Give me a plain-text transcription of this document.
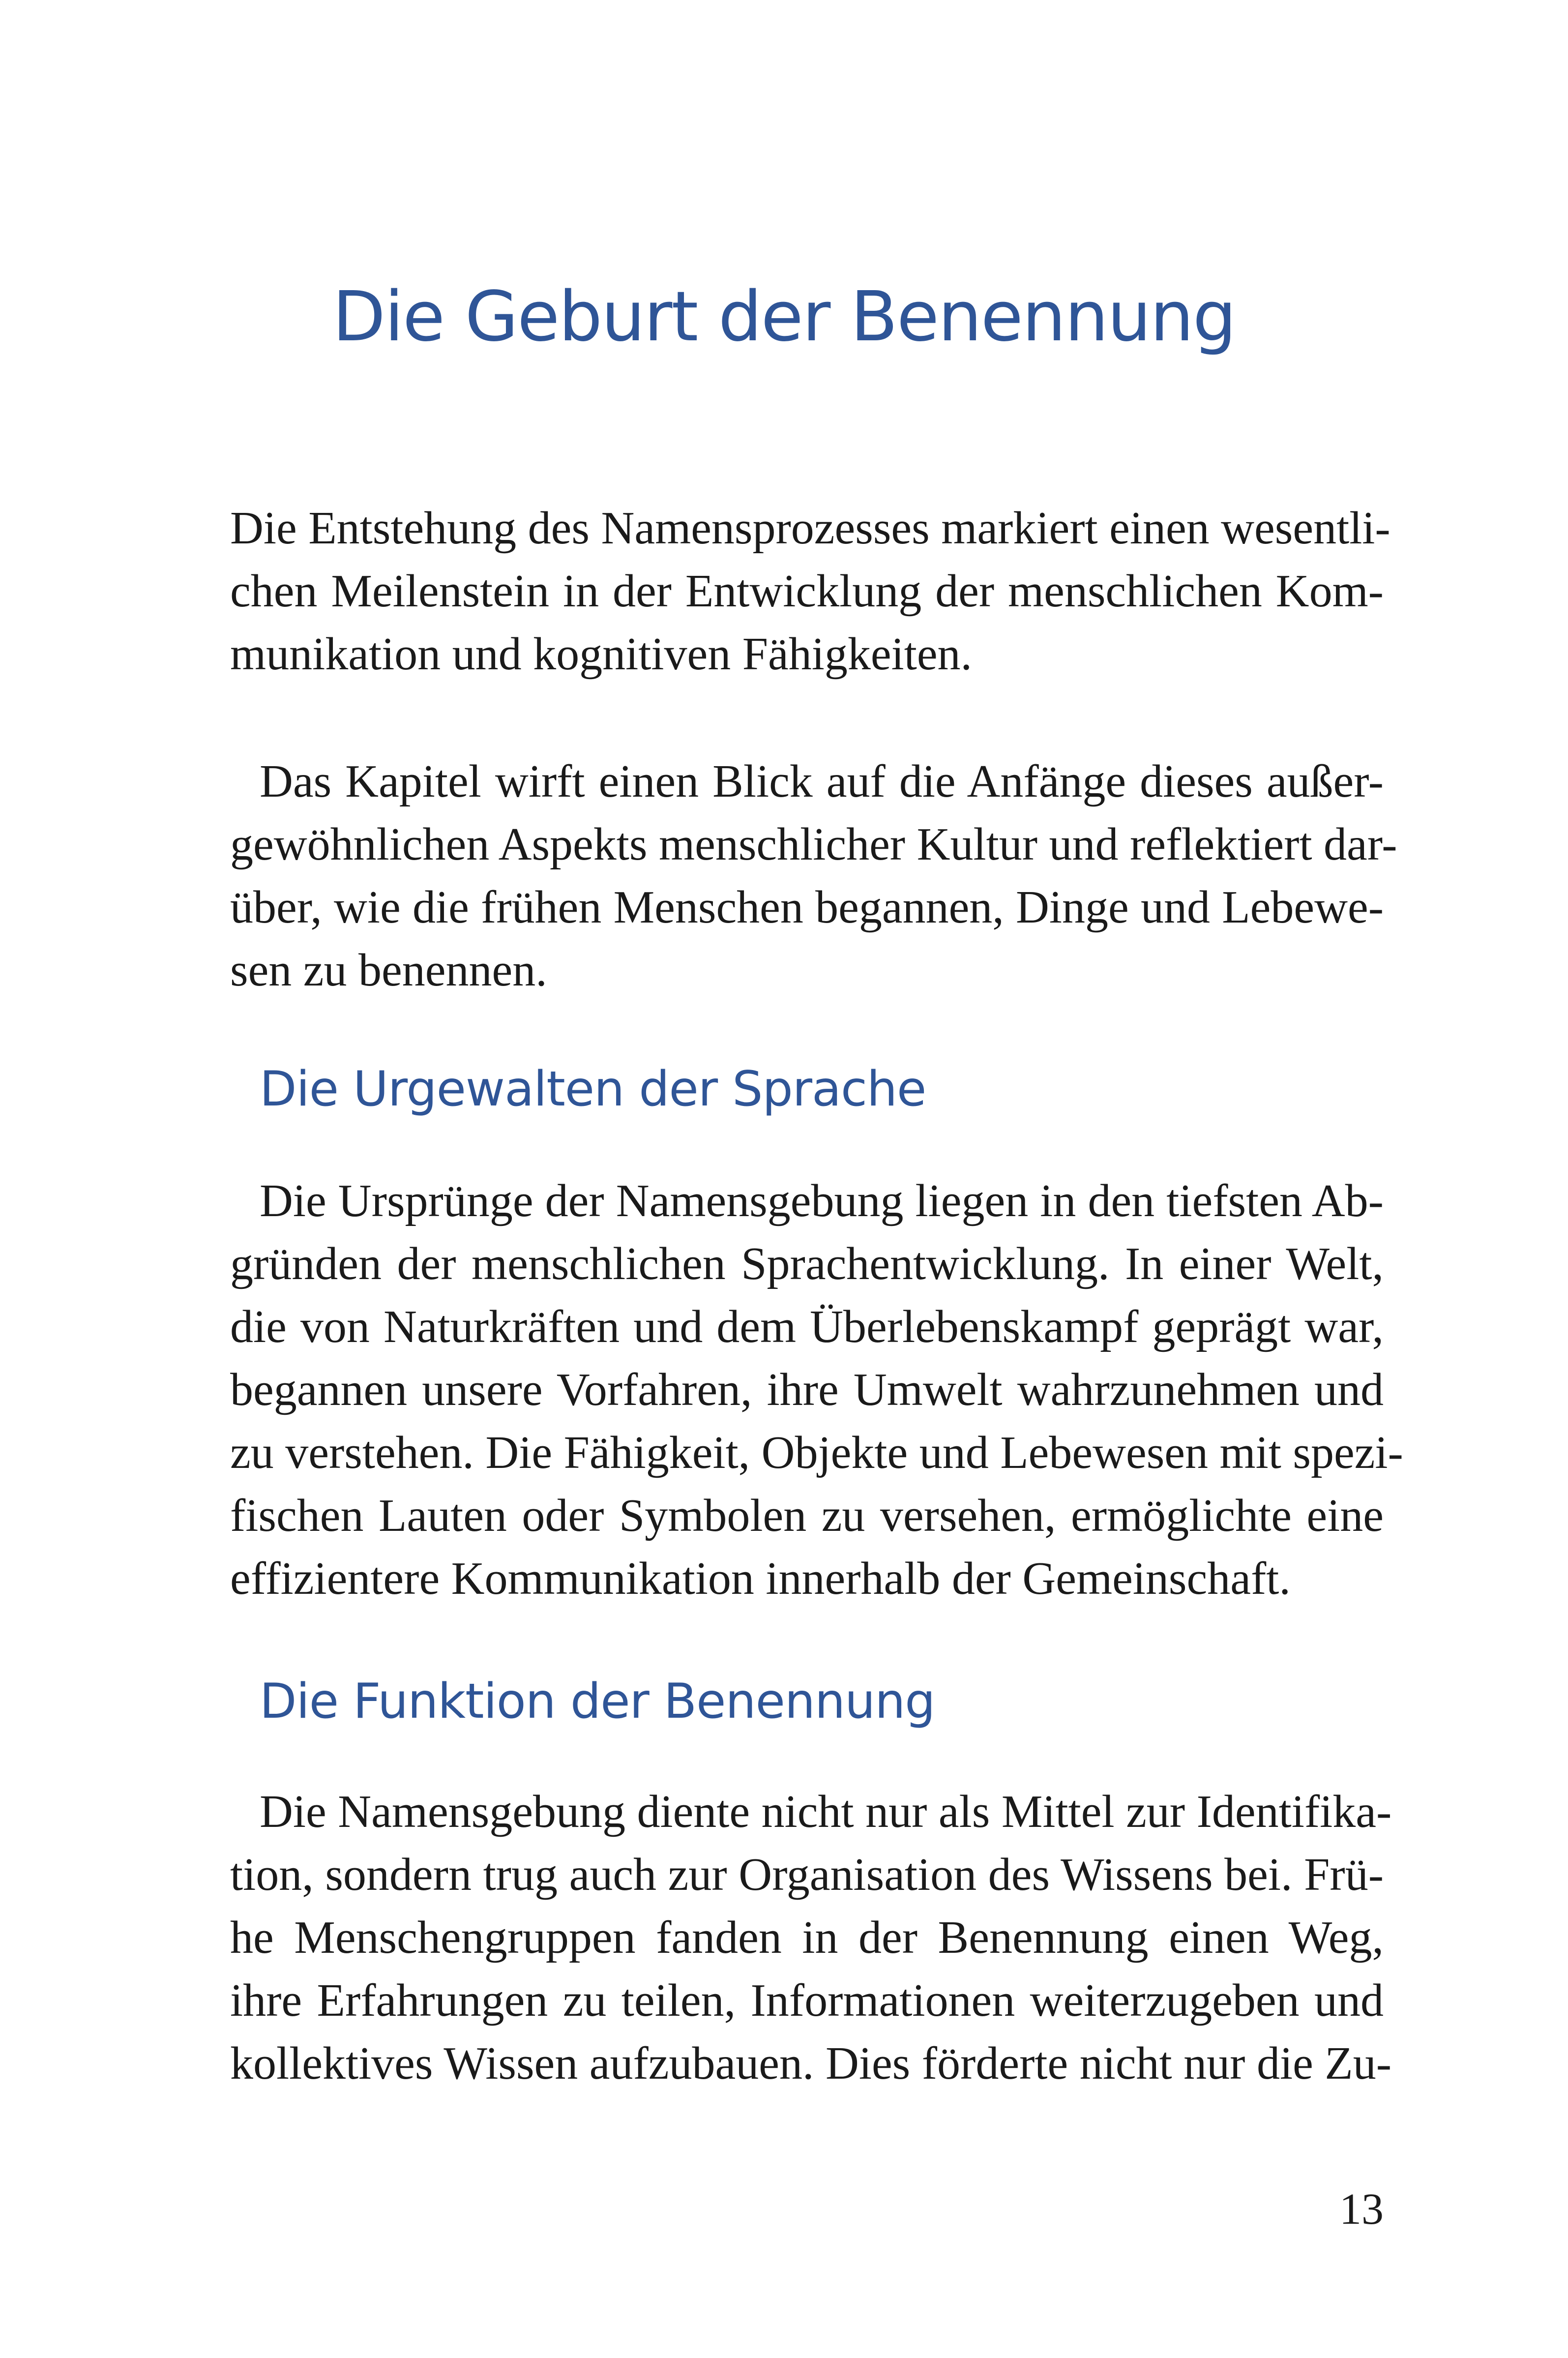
Die Geburt der Benennung
Die Entstehung des Namensprozesses markiert einen wesentli-
chen Meilenstein in der Entwicklung der menschlichen Kom-
munikation und kognitiven Fähigkeiten.
Das Kapitel wirft einen Blick auf die Anfänge dieses außer-
gewöhnlichen Aspekts menschlicher Kultur und reflektiert dar-
über, wie die frühen Menschen begannen, Dinge und Lebewe-
sen zu benennen.
Die Urgewalten der Sprache
Die Ursprünge der Namensgebung liegen in den tiefsten Ab-
gründen der menschlichen Sprachentwicklung. In einer Welt,
die von Naturkräften und dem Überlebenskampf geprägt war,
begannen unsere Vorfahren, ihre Umwelt wahrzunehmen und
zu verstehen. Die Fähigkeit, Objekte und Lebewesen mit spezi-
fischen Lauten oder Symbolen zu versehen, ermöglichte eine
effizientere Kommunikation innerhalb der Gemeinschaft.
Die Funktion der Benennung
Die Namensgebung diente nicht nur als Mittel zur Identifika-
tion, sondern trug auch zur Organisation des Wissens bei. Frü-
he Menschengruppen fanden in der Benennung einen Weg,
ihre Erfahrungen zu teilen, Informationen weiterzugeben und
kollektives Wissen aufzubauen. Dies förderte nicht nur die Zu-
13
